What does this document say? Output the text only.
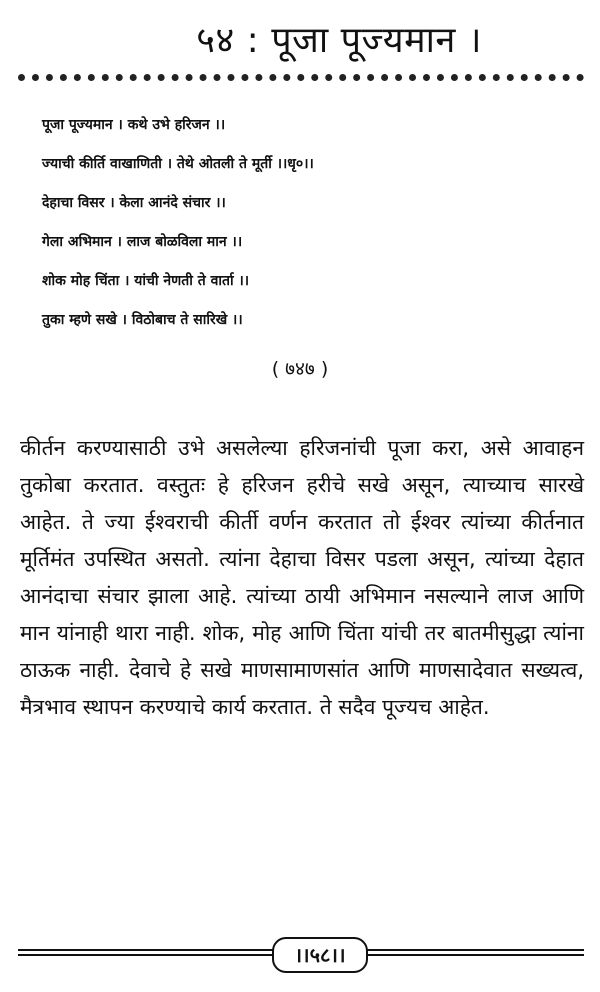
५४ : पूजा पूज्यमान ।
पूजा पूज्यमान । कथे उभे हरिजन ।।
ज्याची कीर्ति वाखाणिती । तेथे ओतली ते मूर्ती ।।धृ०।।
देहाचा विसर । केला आनंदे संचार ।।
गेला अभिमान । लाज बोळविला मान ।।
शोक मोह चिंता । यांची नेणती ते वार्ता ।।
तुका म्हणे सखे । विठोबाच ते सारिखे ।।
( ७४७ )
कीर्तन करण्यासाठी उभे असलेल्या हरिजनांची पूजा करा, असे आवाहन तुकोबा करतात. वस्तुतः हे हरिजन हरीचे सखे असून, त्याच्याच सारखे आहेत. ते ज्या ईश्वराची कीर्ती वर्णन करतात तो ईश्वर त्यांच्या कीर्तनात मूर्तिमंत उपस्थित असतो. त्यांना देहाचा विसर पडला असून, त्यांच्या देहात आनंदाचा संचार झाला आहे. त्यांच्या ठायी अभिमान नसल्याने लाज आणि मान यांनाही थारा नाही. शोक, मोह आणि चिंता यांची तर बातमीसुद्धा त्यांना ठाऊक नाही. देवाचे हे सखे माणसामाणसांत आणि माणसादेवात सख्यत्व, मैत्रभाव स्थापन करण्याचे कार्य करतात. ते सदैव पूज्यच आहेत.
।।५८।।
